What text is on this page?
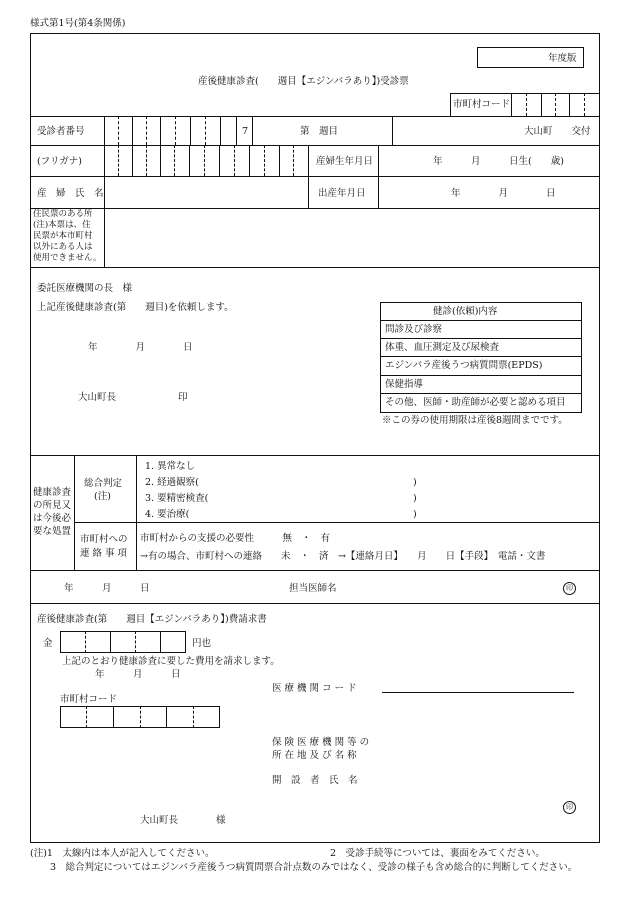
様式第1号(第4条関係)
年度版
産後健康診査(　　週目【エジンバラあり】)受診票
市町村コード
受診者番号	7	第　週目	大山町　　交付
(フリガナ)	産婦生年月日	年　　　月　　　日生(　　歳)
産　婦　氏　名	出産年月日	年　　　　月　　　　日
住民票のある所
(注)本票は、住
民票が本市町村
以外にある人は
使用できません。
委託医療機関の長　様
上記産後健康診査(第　　週目)を依頼します。
年　　　　月　　　　日
大山町長	印
健診(依頼)内容
問診及び診察
体重、血圧測定及び尿検査
エジンバラ産後うつ病質問票(EPDS)
保健指導
その他、医師・助産師が必要と認める項目
※この券の使用期限は産後8週間までです。
健康診査
の所見又
は今後必
要な処置
総合判定
(注)
1. 異常なし
2. 経過観察(
3. 要精密検査(
4. 要治療(
)
)
)
市町村への
連 絡 事 項
市町村からの支援の必要性　　　無　・　有
→有の場合、市町村への連絡　　未　・　済　→【連絡月日】　　月　　日【手段】　電話・文書
年　　　月　　　日	担当医師名	印
産後健康診査(第　　週目【エジンバラあり】)費請求書
金	円也
上記のとおり健康診査に要した費用を請求します。
年　　　月　　　日
医 療 機 関 コ ー ド
市町村コード
保 険 医 療 機 関 等 の
所 在 地 及 び 名 称
開　設　者　氏　名
印
大山町長	様
(注)1　太線内は本人が記入してください。	2　受診手続等については、裏面をみてください。
3　総合判定についてはエジンバラ産後うつ病質問票合計点数のみではなく、受診の様子も含め総合的に判断してください。
